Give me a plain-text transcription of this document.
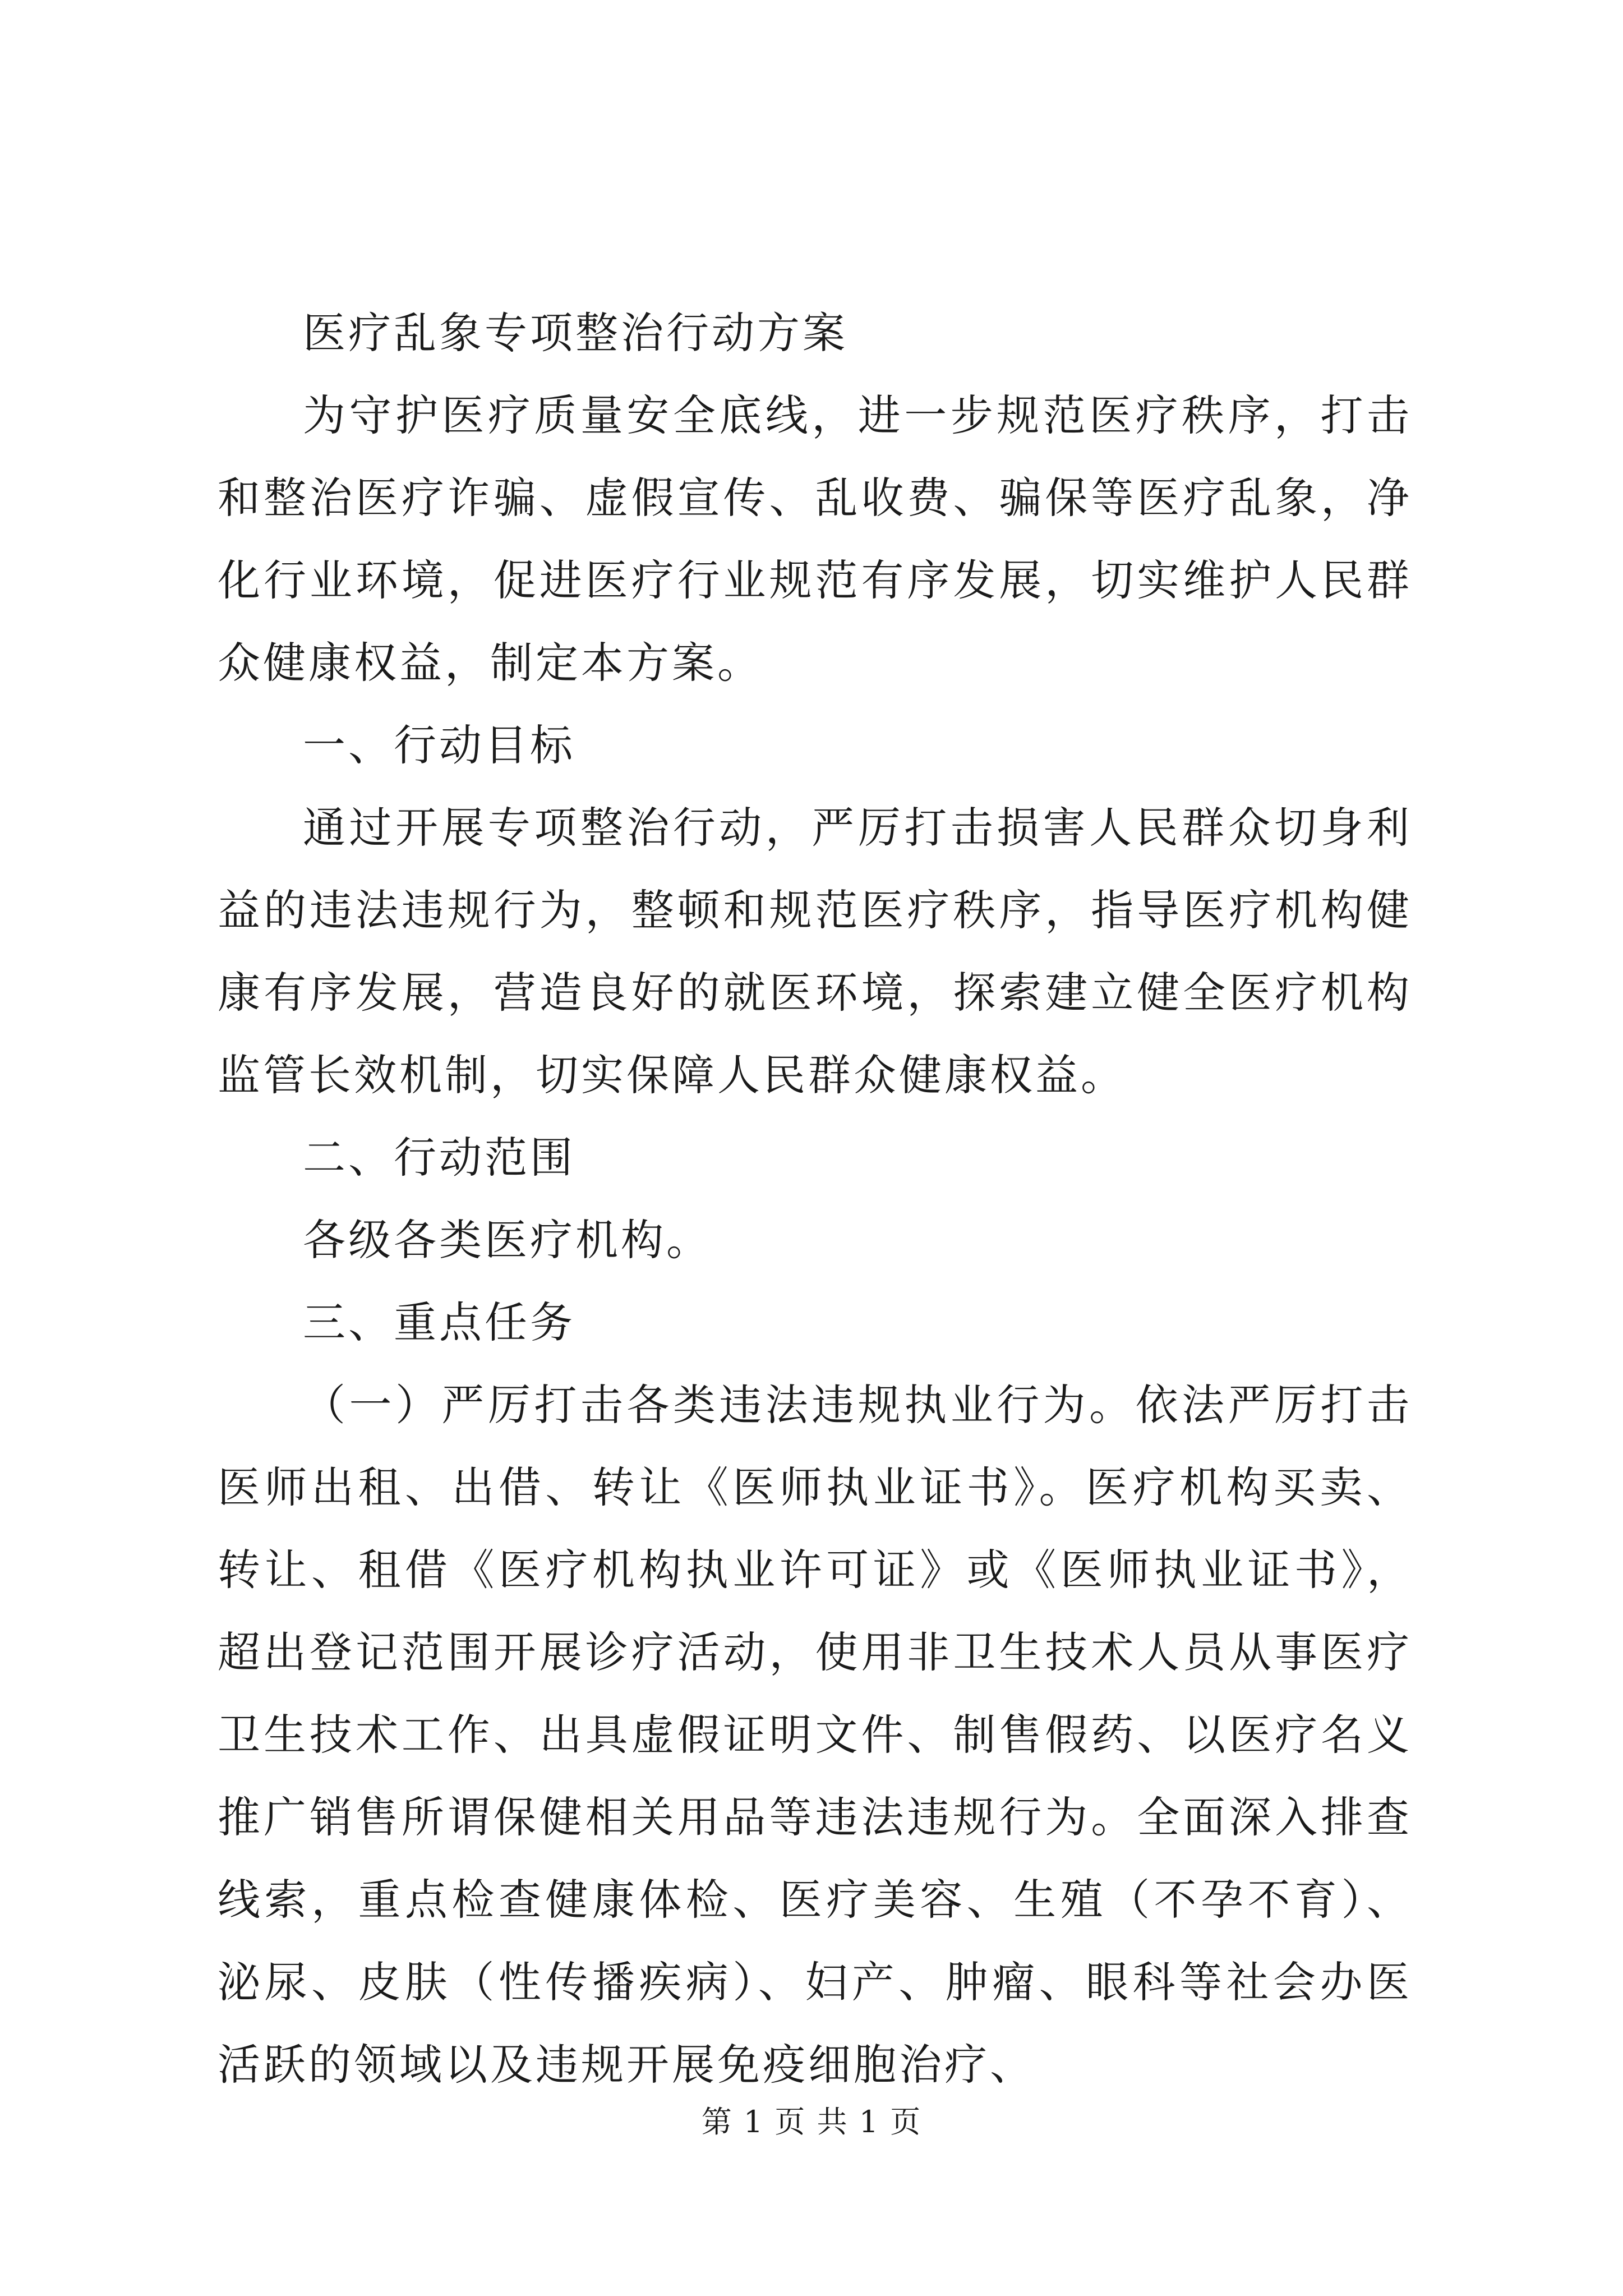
医疗乱象专项整治行动方案

为守护医疗质量安全底线，进一步规范医疗秩序，打击和整治医疗诈骗、虚假宣传、乱收费、骗保等医疗乱象，净化行业环境，促进医疗行业规范有序发展，切实维护人民群众健康权益，制定本方案。

一、行动目标

通过开展专项整治行动，严厉打击损害人民群众切身利益的违法违规行为，整顿和规范医疗秩序，指导医疗机构健康有序发展，营造良好的就医环境，探索建立健全医疗机构监管长效机制，切实保障人民群众健康权益。

二、行动范围

各级各类医疗机构。

三、重点任务

（一）严厉打击各类违法违规执业行为。依法严厉打击医师出租、出借、转让《医师执业证书》。医疗机构买卖、转让、租借《医疗机构执业许可证》或《医师执业证书》，超出登记范围开展诊疗活动，使用非卫生技术人员从事医疗卫生技术工作、出具虚假证明文件、制售假药、以医疗名义推广销售所谓保健相关用品等违法违规行为。全面深入排查线索，重点检查健康体检、医疗美容、生殖（不孕不育）、泌尿、皮肤（性传播疾病）、妇产、肿瘤、眼科等社会办医活跃的领域以及违规开展免疫细胞治疗、

第 1 页 共 1 页
